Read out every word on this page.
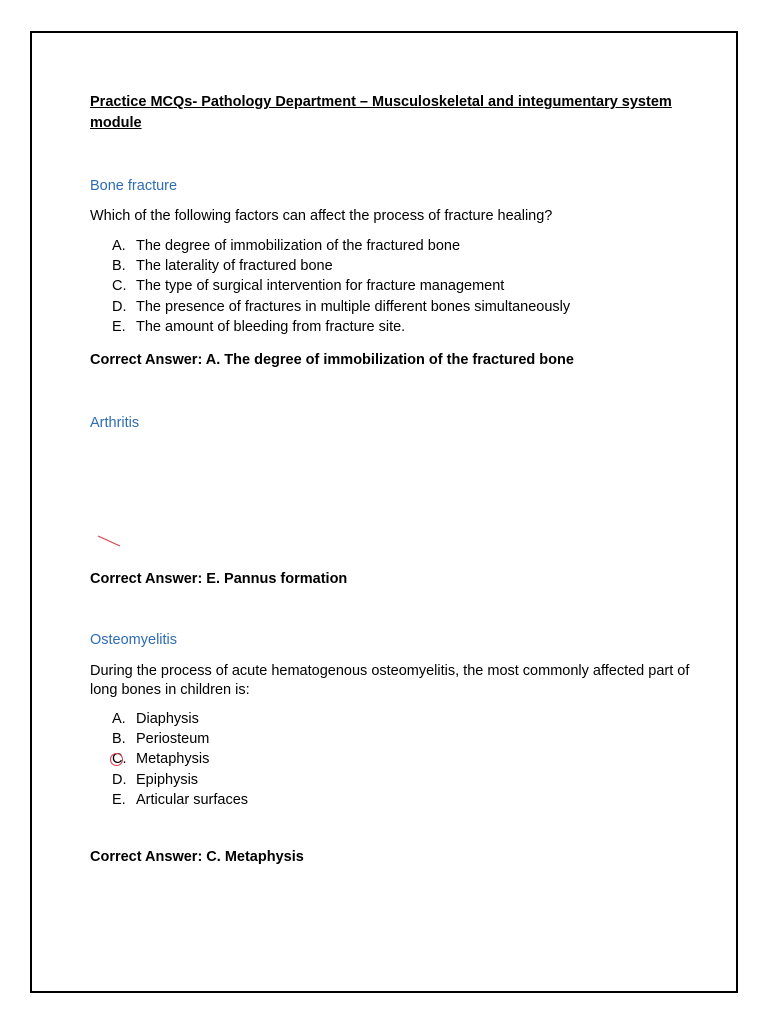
Practice MCQs- Pathology Department – Musculoskeletal and integumentary system module
Bone fracture
Which of the following factors can affect the process of fracture healing?
A. The degree of immobilization of the fractured bone
B. The laterality of fractured bone
C. The type of surgical intervention for fracture management
D. The presence of fractures in multiple different bones simultaneously
E. The amount of bleeding from fracture site.
Correct Answer: A. The degree of immobilization of the fractured bone
Arthritis
Correct Answer: E. Pannus formation
Osteomyelitis
During the process of acute hematogenous osteomyelitis, the most commonly affected part of long bones in children is:
A. Diaphysis
B. Periosteum
C. Metaphysis
D. Epiphysis
E. Articular surfaces
Correct Answer: C. Metaphysis
